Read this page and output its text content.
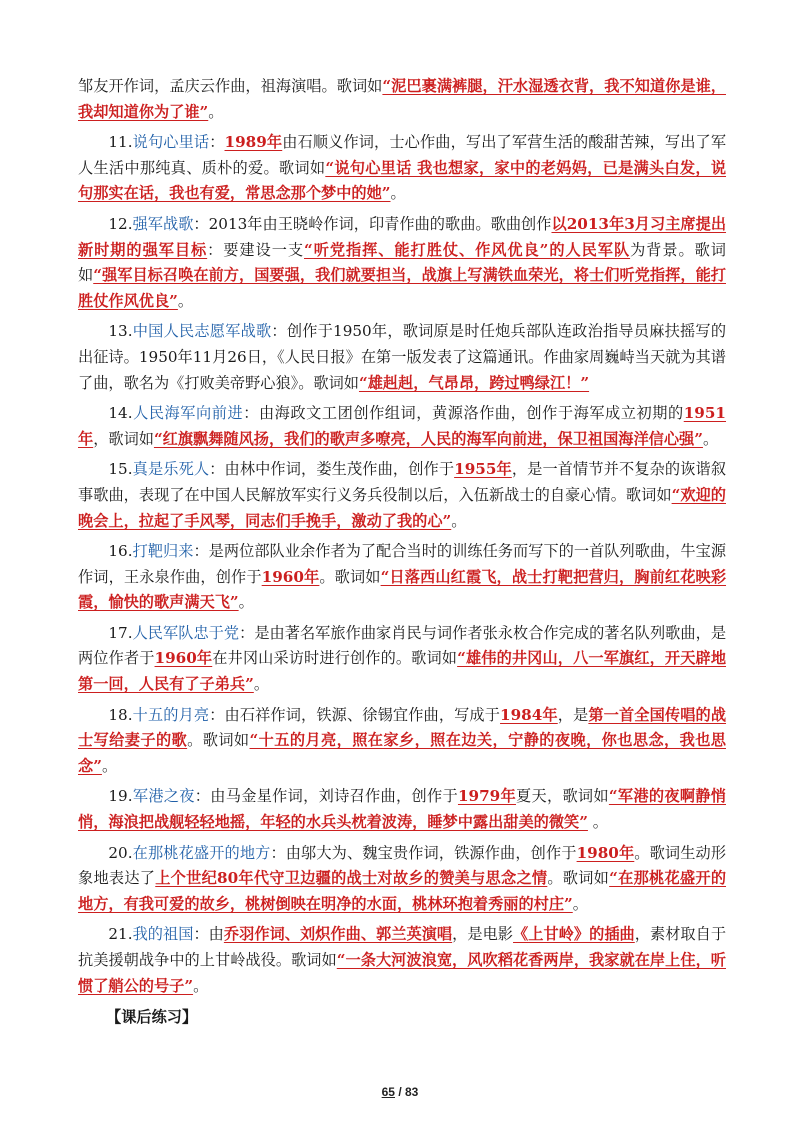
邹友开作词，孟庆云作曲，祖海演唱。歌词如“泥巴裹满裤腿，汗水湿透衣背，我不知道你是谁，我却知道你为了谁”。

11.说句心里话：1989年由石顺义作词，士心作曲，写出了军营生活的酸甜苦辣，写出了军人生活中那纯真、质朴的爱。歌词如“说句心里话 我也想家，家中的老妈妈，已是满头白发，说句那实在话，我也有爱，常思念那个梦中的她”。

12.强军战歌：2013年由王晓岭作词，印青作曲的歌曲。歌曲创作以2013年3月习主席提出新时期的强军目标：要建设一支“听党指挥、能打胜仗、作风优良”的人民军队为背景。歌词如“强军目标召唤在前方，国要强，我们就要担当，战旗上写满铁血荣光，将士们听党指挥，能打胜仗作风优良”。

13.中国人民志愿军战歌：创作于1950年，歌词原是时任炮兵部队连政治指导员麻扶摇写的出征诗。1950年11月26日，《人民日报》在第一版发表了这篇通讯。作曲家周巍峙当天就为其谱了曲，歌名为《打败美帝野心狼》。歌词如“雄赳赳，气昂昂，跨过鸭绿江！”

14.人民海军向前进：由海政文工团创作组词，黄源洛作曲，创作于海军成立初期的1951年，歌词如“红旗飘舞随风扬，我们的歌声多嘹亮，人民的海军向前进，保卫祖国海洋信心强”。

15.真是乐死人：由林中作词，娄生茂作曲，创作于1955年，是一首情节并不复杂的诙谐叙事歌曲，表现了在中国人民解放军实行义务兵役制以后，入伍新战士的自豪心情。歌词如“欢迎的晚会上，拉起了手风琴，同志们手挽手，激动了我的心”。

16.打靶归来：是两位部队业余作者为了配合当时的训练任务而写下的一首队列歌曲，牛宝源作词，王永泉作曲，创作于1960年。歌词如“日落西山红霞飞，战士打靶把营归，胸前红花映彩霞，愉快的歌声满天飞”。

17.人民军队忠于党：是由著名军旅作曲家肖民与词作者张永枚合作完成的著名队列歌曲，是两位作者于1960年在井冈山采访时进行创作的。歌词如“雄伟的井冈山，八一军旗红，开天辟地第一回，人民有了子弟兵”。

18.十五的月亮：由石祥作词，铁源、徐锡宜作曲，写成于1984年，是第一首全国传唱的战士写给妻子的歌。歌词如“十五的月亮，照在家乡，照在边关，宁静的夜晚，你也思念，我也思念”。

19.军港之夜：由马金星作词，刘诗召作曲，创作于1979年夏天，歌词如“军港的夜啊静悄悄，海浪把战舰轻轻地摇，年轻的水兵头枕着波涛，睡梦中露出甜美的微笑” 。

20.在那桃花盛开的地方：由邬大为、魏宝贵作词，铁源作曲，创作于1980年。歌词生动形象地表达了上个世纪80年代守卫边疆的战士对故乡的赞美与思念之情。歌词如“在那桃花盛开的地方，有我可爱的故乡，桃树倒映在明净的水面，桃林环抱着秀丽的村庄”。

21.我的祖国：由乔羽作词、刘炽作曲、郭兰英演唱，是电影《上甘岭》的插曲，素材取自于抗美援朝战争中的上甘岭战役。歌词如“一条大河波浪宽，风吹稻花香两岸，我家就在岸上住，听惯了艄公的号子”。

【课后练习】
65 / 83
